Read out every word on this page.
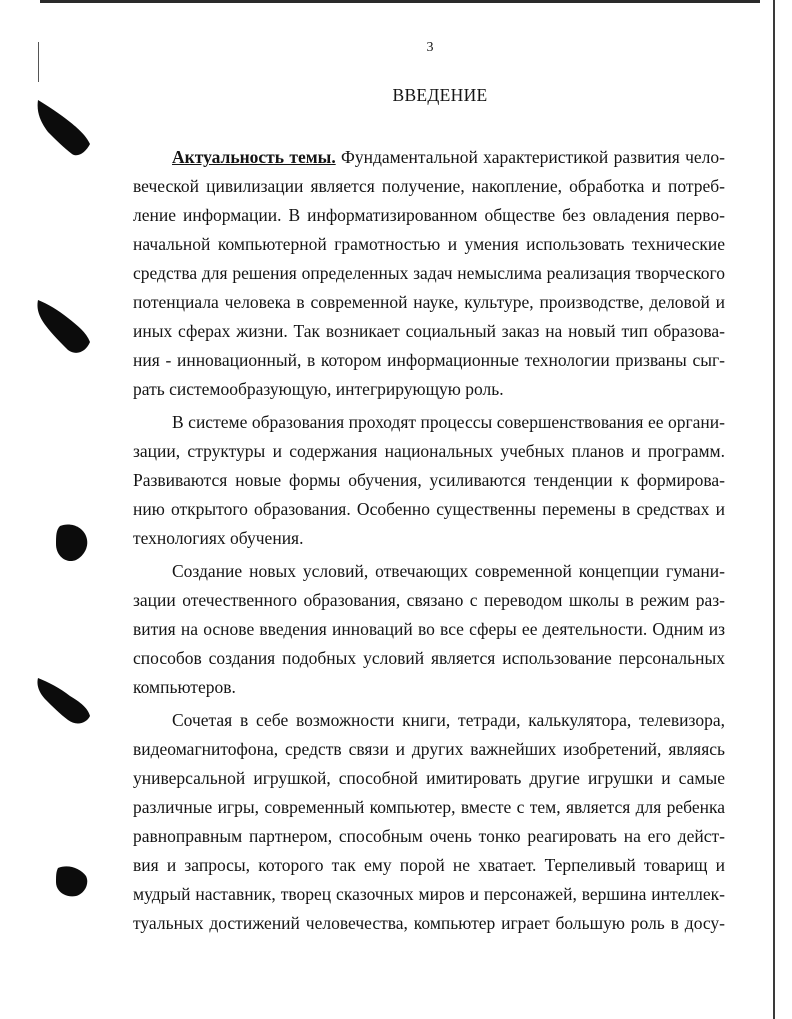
3
ВВЕДЕНИЕ
Актуальность темы. Фундаментальной характеристикой развития чело-
веческой цивилизации является получение, накопление, обработка и потреб-
ление информации. В информатизированном обществе без овладения перво-
начальной компьютерной грамотностью и умения использовать технические
средства для решения определенных задач немыслима реализация творческого
потенциала человека в современной науке, культуре, производстве, деловой и
иных сферах жизни. Так возникает социальный заказ на новый тип образова-
ния - инновационный, в котором информационные технологии призваны сыг-
рать системообразующую, интегрирующую роль.
В системе образования проходят процессы совершенствования ее органи-
зации, структуры и содержания национальных учебных планов и программ.
Развиваются новые формы обучения, усиливаются тенденции к формирова-
нию открытого образования. Особенно существенны перемены в средствах и
технологиях обучения.
Создание новых условий, отвечающих современной концепции гумани-
зации отечественного образования, связано с переводом школы в режим раз-
вития на основе введения инноваций во все сферы ее деятельности. Одним из
способов создания подобных условий является использование персональных
компьютеров.
Сочетая в себе возможности книги, тетради, калькулятора, телевизора,
видеомагнитофона, средств связи и других важнейших изобретений, являясь
универсальной игрушкой, способной имитировать другие игрушки и самые
различные игры, современный компьютер, вместе с тем, является для ребенка
равноправным партнером, способным очень тонко реагировать на его дейст-
вия и запросы, которого так ему порой не хватает. Терпеливый товарищ и
мудрый наставник, творец сказочных миров и персонажей, вершина интеллек-
туальных достижений человечества, компьютер играет большую роль в досу-
